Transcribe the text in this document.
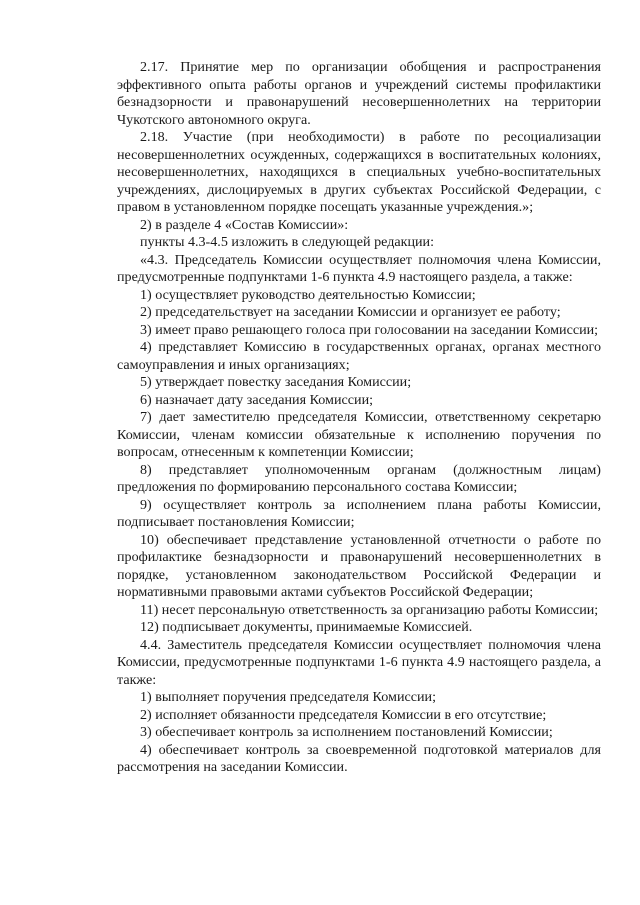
2.17. Принятие мер по организации обобщения и распространения эффективного опыта работы органов и учреждений системы профилактики безнадзорности и правонарушений несовершеннолетних на территории Чукотского автономного округа.

2.18. Участие (при необходимости) в работе по ресоциализации несовершеннолетних осужденных, содержащихся в воспитательных колониях, несовершеннолетних, находящихся в специальных учебно-воспитательных учреждениях, дислоцируемых в других субъектах Российской Федерации, с правом в установленном порядке посещать указанные учреждения.»;

2) в разделе 4 «Состав Комиссии»:

пункты 4.3-4.5 изложить в следующей редакции:

«4.3. Председатель Комиссии осуществляет полномочия члена Комиссии, предусмотренные подпунктами 1-6 пункта 4.9 настоящего раздела, а также:

1) осуществляет руководство деятельностью Комиссии;

2) председательствует на заседании Комиссии и организует ее работу;

3) имеет право решающего голоса при голосовании на заседании Комиссии;

4) представляет Комиссию в государственных органах, органах местного самоуправления и иных организациях;

5) утверждает повестку заседания Комиссии;

6) назначает дату заседания Комиссии;

7) дает заместителю председателя Комиссии, ответственному секретарю Комиссии, членам комиссии обязательные к исполнению поручения по вопросам, отнесенным к компетенции Комиссии;

8) представляет уполномоченным органам (должностным лицам) предложения по формированию персонального состава Комиссии;

9) осуществляет контроль за исполнением плана работы Комиссии, подписывает постановления Комиссии;

10) обеспечивает представление установленной отчетности о работе по профилактике безнадзорности и правонарушений несовершеннолетних в порядке, установленном законодательством Российской Федерации и нормативными правовыми актами субъектов Российской Федерации;

11) несет персональную ответственность за организацию работы Комиссии;

12) подписывает документы, принимаемые Комиссией.

4.4. Заместитель председателя Комиссии осуществляет полномочия члена Комиссии, предусмотренные подпунктами 1-6 пункта 4.9 настоящего раздела, а также:

1) выполняет поручения председателя Комиссии;

2) исполняет обязанности председателя Комиссии в его отсутствие;

3) обеспечивает контроль за исполнением постановлений Комиссии;

4) обеспечивает контроль за своевременной подготовкой материалов для рассмотрения на заседании Комиссии.
